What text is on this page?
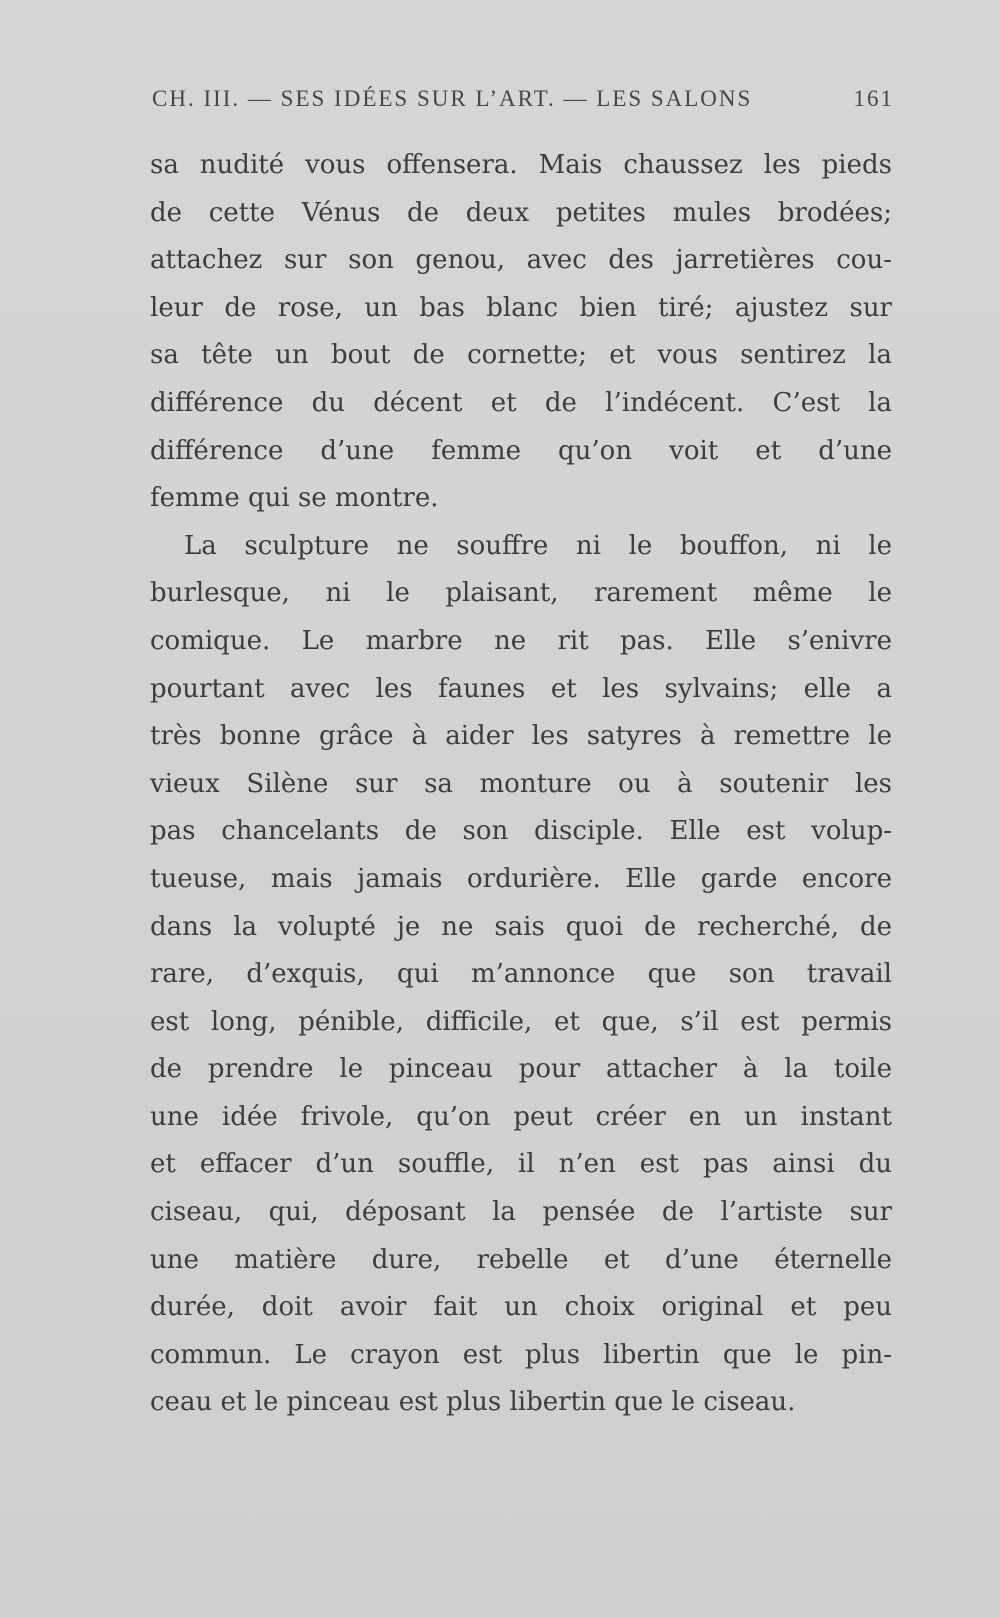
CH. III. — SES IDÉES SUR L’ART. — LES SALONS	161
sa nudité vous offensera. Mais chaussez les pieds
de cette Vénus de deux petites mules brodées;
attachez sur son genou, avec des jarretières cou-
leur de rose, un bas blanc bien tiré; ajustez sur
sa tête un bout de cornette; et vous sentirez la
différence du décent et de l’indécent. C’est la
différence d’une femme qu’on voit et d’une
femme qui se montre.
La sculpture ne souffre ni le bouffon, ni le
burlesque, ni le plaisant, rarement même le
comique. Le marbre ne rit pas. Elle s’enivre
pourtant avec les faunes et les sylvains; elle a
très bonne grâce à aider les satyres à remettre le
vieux Silène sur sa monture ou à soutenir les
pas chancelants de son disciple. Elle est volup-
tueuse, mais jamais ordurière. Elle garde encore
dans la volupté je ne sais quoi de recherché, de
rare, d’exquis, qui m’annonce que son travail
est long, pénible, difficile, et que, s’il est permis
de prendre le pinceau pour attacher à la toile
une idée frivole, qu’on peut créer en un instant
et effacer d’un souffle, il n’en est pas ainsi du
ciseau, qui, déposant la pensée de l’artiste sur
une matière dure, rebelle et d’une éternelle
durée, doit avoir fait un choix original et peu
commun. Le crayon est plus libertin que le pin-
ceau et le pinceau est plus libertin que le ciseau.
